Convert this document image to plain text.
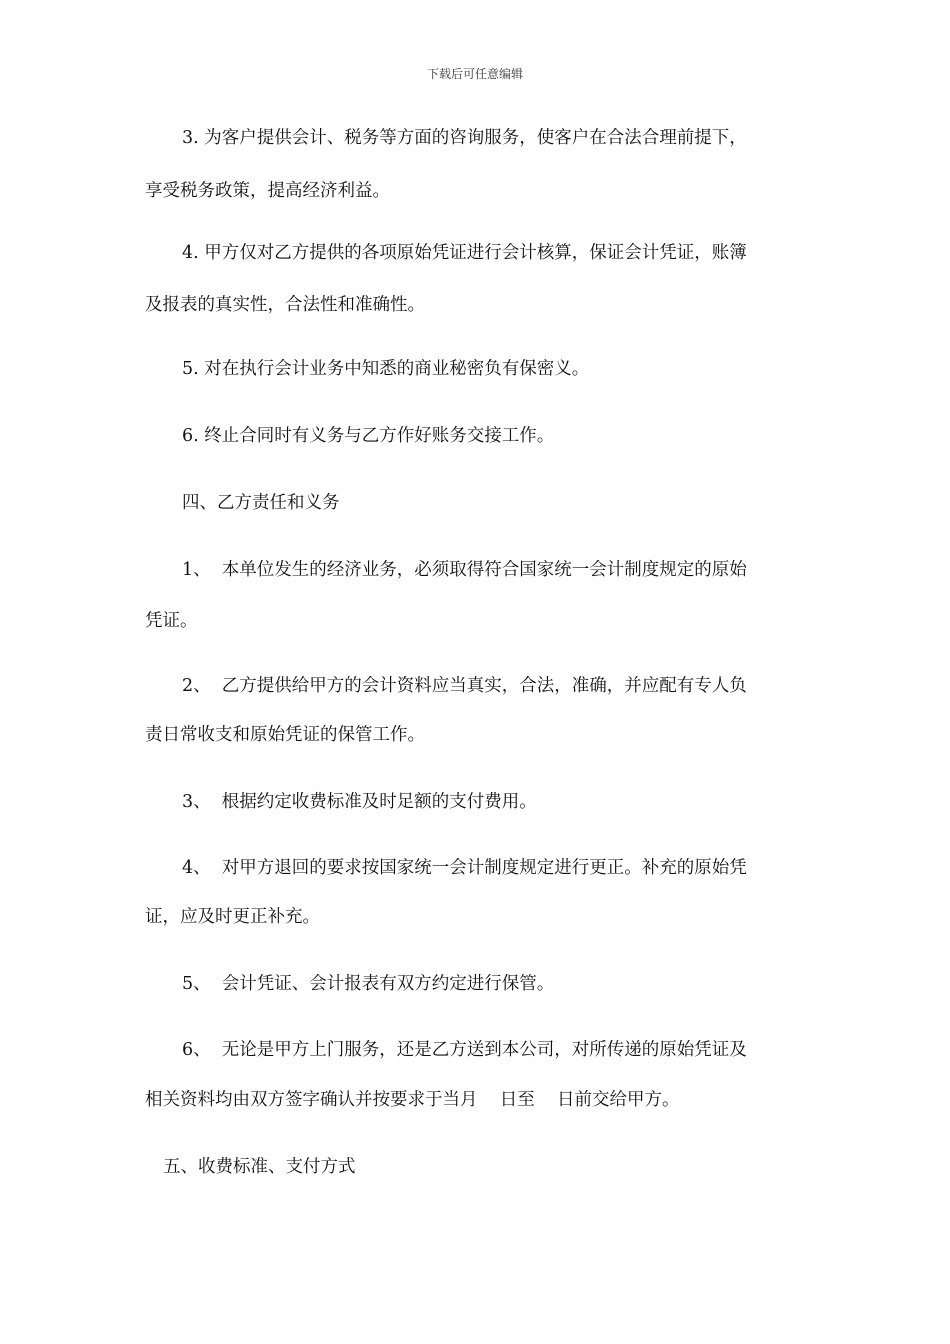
下载后可任意编辑
3. 为客户提供会计、税务等方面的咨询服务，使客户在合法合理前提下，
享受税务政策，提高经济利益。
4. 甲方仅对乙方提供的各项原始凭证进行会计核算，保证会计凭证，账簿
及报表的真实性，合法性和准确性。
5. 对在执行会计业务中知悉的商业秘密负有保密义。
6. 终止合同时有义务与乙方作好账务交接工作。
四、乙方责任和义务
1、  本单位发生的经济业务，必须取得符合国家统一会计制度规定的原始
凭证。
2、  乙方提供给甲方的会计资料应当真实，合法，准确，并应配有专人负
责日常收支和原始凭证的保管工作。
3、  根据约定收费标准及时足额的支付费用。
4、  对甲方退回的要求按国家统一会计制度规定进行更正。补充的原始凭
证，应及时更正补充。
5、  会计凭证、会计报表有双方约定进行保管。
6、  无论是甲方上门服务，还是乙方送到本公司，对所传递的原始凭证及
相关资料均由双方签字确认并按要求于当月    日至    日前交给甲方。
五、收费标准、支付方式
